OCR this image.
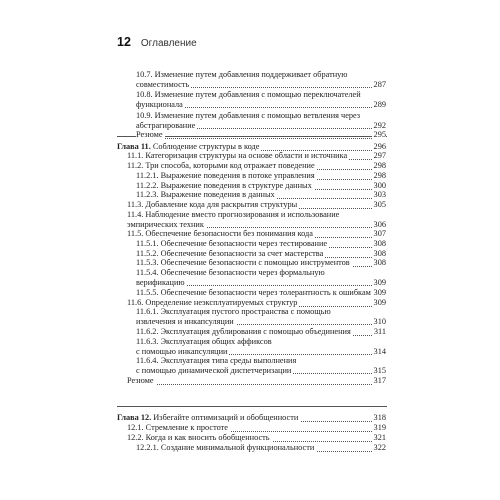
12 Оглавление
10.7. Изменение путем добавления поддерживает обратную
совместимость	287
10.8. Изменение путем добавления с помощью переключателей
функционала	289
10.9. Изменение путем добавления с помощью ветвления через
абстрагирование	292
Резюме	295
Глава 11. Соблюдение структуры в коде	296
11.1. Категоризация структуры на основе области и источника	297
11.2. Три способа, которыми код отражает поведение	298
11.2.1. Выражение поведения в потоке управления	298
11.2.2. Выражение поведения в структуре данных	300
11.2.3. Выражение поведения в данных	303
11.3. Добавление кода для раскрытия структуры	305
11.4. Наблюдение вместо прогнозирования и использование
эмпирических техник	306
11.5. Обеспечение безопасности без понимания кода	307
11.5.1. Обеспечение безопасности через тестирование	308
11.5.2. Обеспечение безопасности за счет мастерства	308
11.5.3. Обеспечение безопасности с помощью инструментов	308
11.5.4. Обеспечение безопасности через формальную
верификацию	309
11.5.5. Обеспечение безопасности через толерантность к ошибкам 309
11.6. Определение неэксплуатируемых структур	309
11.6.1. Эксплуатация пустого пространства с помощью
извлечения и инкапсуляции	310
11.6.2. Эксплуатация дублирования с помощью объединения	311
11.6.3. Эксплуатация общих аффиксов
с помощью инкапсуляции	314
11.6.4. Эксплуатация типа среды выполнения
с помощью динамической диспетчеризации	315
Резюме	317
Глава 12. Избегайте оптимизаций и обобщенности	318
12.1. Стремление к простоте	319
12.2. Когда и как вносить обобщенность	321
12.2.1. Создание минимальной функциональности	322
